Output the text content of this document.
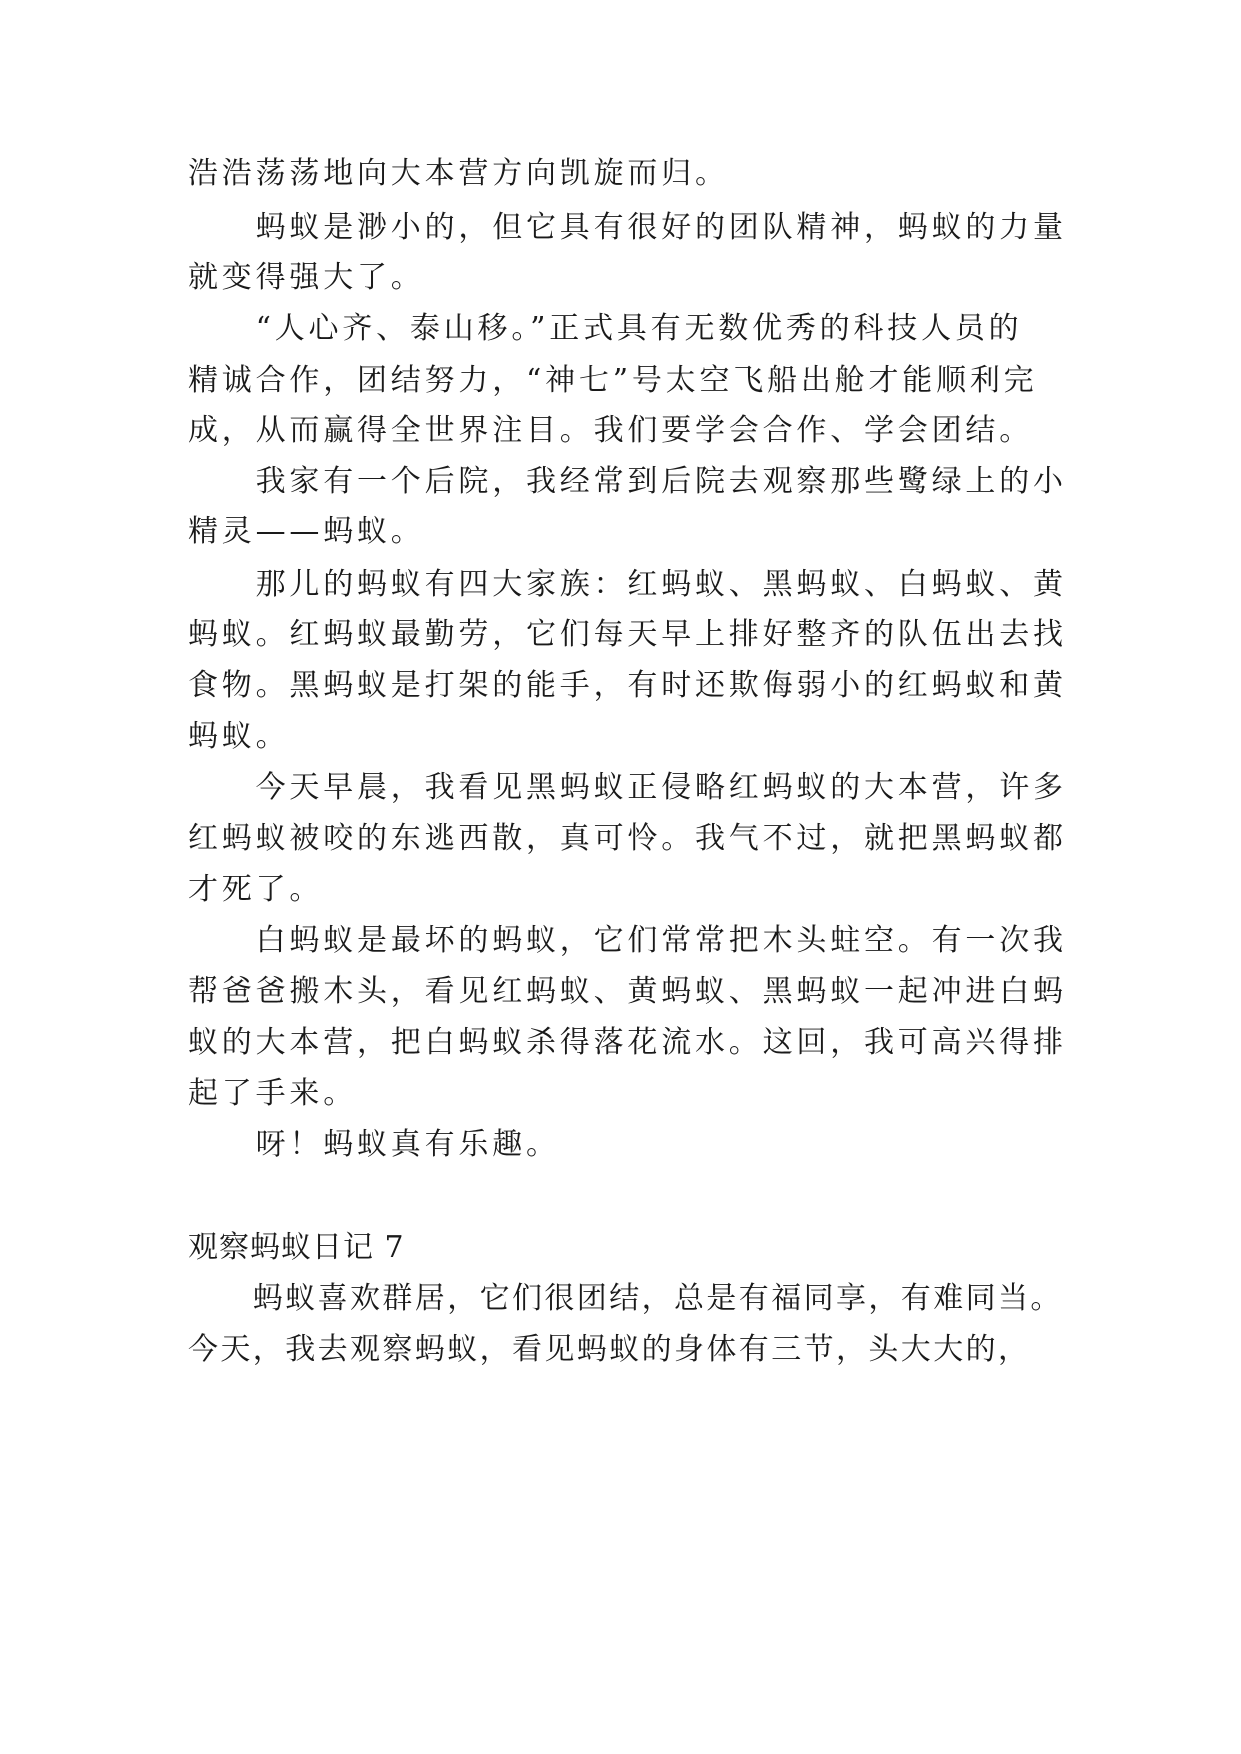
浩浩荡荡地向大本营方向凯旋而归。
　　蚂蚁是渺小的，但它具有很好的团队精神，蚂蚁的力量
就变得强大了。
　　“人心齐、泰山移。”正式具有无数优秀的科技人员的
精诚合作，团结努力，“神七”号太空飞船出舱才能顺利完
成，从而赢得全世界注目。我们要学会合作、学会团结。
　　我家有一个后院，我经常到后院去观察那些鹭绿上的小
精灵——蚂蚁。
　　那儿的蚂蚁有四大家族：红蚂蚁、黑蚂蚁、白蚂蚁、黄
蚂蚁。红蚂蚁最勤劳，它们每天早上排好整齐的队伍出去找
食物。黑蚂蚁是打架的能手，有时还欺侮弱小的红蚂蚁和黄
蚂蚁。
　　今天早晨，我看见黑蚂蚁正侵略红蚂蚁的大本营，许多
红蚂蚁被咬的东逃西散，真可怜。我气不过，就把黑蚂蚁都
才死了。
　　白蚂蚁是最坏的蚂蚁，它们常常把木头蛀空。有一次我
帮爸爸搬木头，看见红蚂蚁、黄蚂蚁、黑蚂蚁一起冲进白蚂
蚁的大本营，把白蚂蚁杀得落花流水。这回，我可高兴得排
起了手来。
　　呀！蚂蚁真有乐趣。
观察蚂蚁日记 7
　　蚂蚁喜欢群居，它们很团结，总是有福同享，有难同当。
今天，我去观察蚂蚁，看见蚂蚁的身体有三节，头大大的，
